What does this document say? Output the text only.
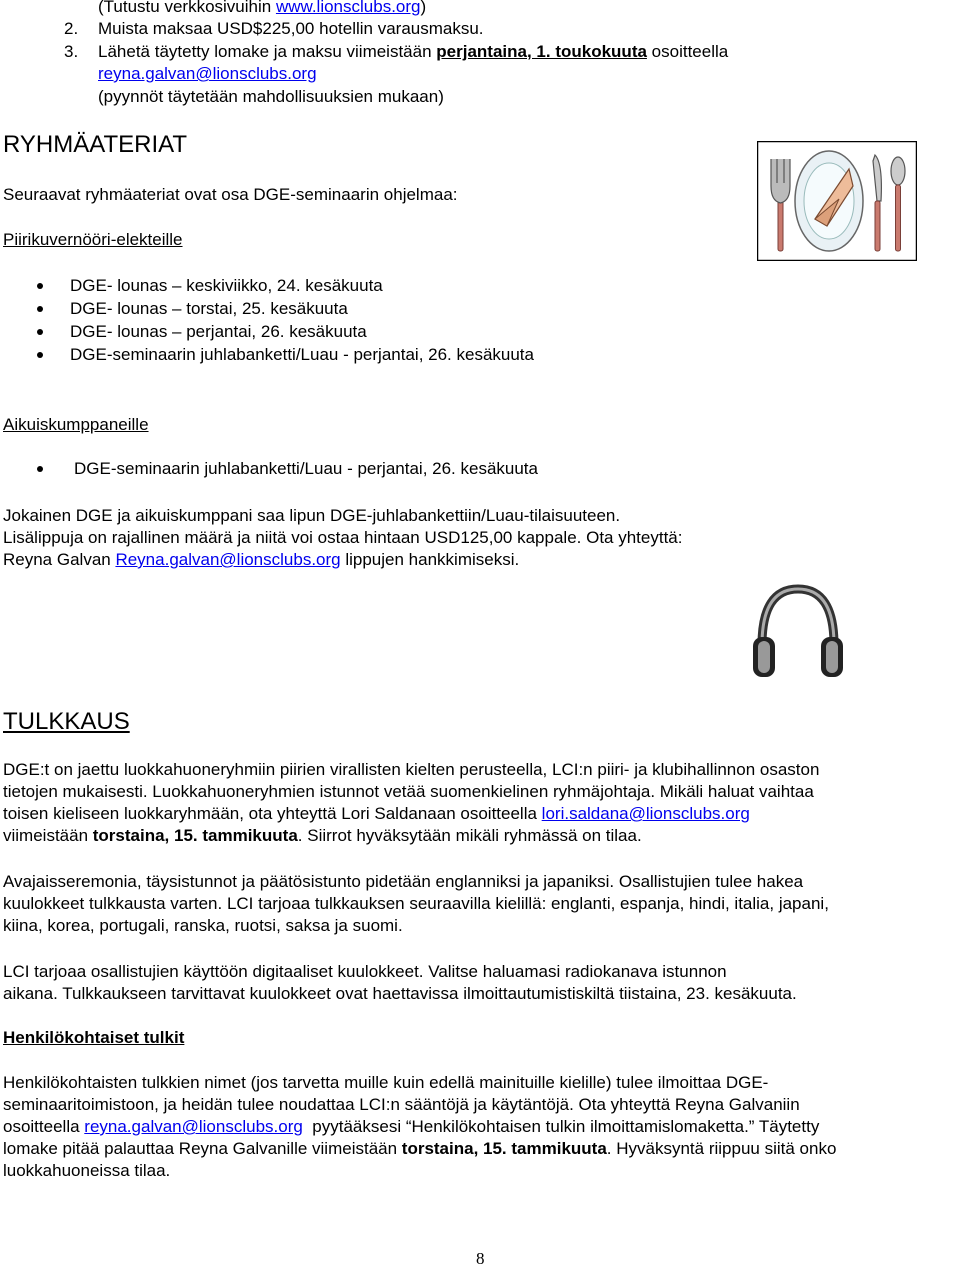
(Tutustu verkkosivuihin www.lionsclubs.org)
2. Muista maksaa USD$225,00 hotellin varausmaksu.
3. Lähetä täytetty lomake ja maksu viimeistään perjantaina, 1. toukokuuta osoitteella
reyna.galvan@lionsclubs.org
(pyynnöt täytetään mahdollisuuksien mukaan)
RYHMÄATERIAT
Seuraavat ryhmäateriat ovat osa DGE-seminaarin ohjelmaa:
Piirikuvernööri-elekteille
DGE- lounas – keskiviikko, 24. kesäkuuta
DGE- lounas – torstai, 25. kesäkuuta
DGE- lounas – perjantai, 26. kesäkuuta
DGE-seminaarin juhlabanketti/Luau - perjantai, 26. kesäkuuta
Aikuiskumppaneille
DGE-seminaarin juhlabanketti/Luau - perjantai, 26. kesäkuuta
Jokainen DGE ja aikuiskumppani saa lipun DGE-juhlabankettiin/Luau-tilaisuuteen.
Lisälippuja on rajallinen määrä ja niitä voi ostaa hintaan USD125,00 kappale. Ota yhteyttä:
Reyna Galvan Reyna.galvan@lionsclubs.org lippujen hankkimiseksi.
TULKKAUS
DGE:t on jaettu luokkahuoneryhmiin piirien virallisten kielten perusteella, LCI:n piiri- ja klubihallinnon osaston
tietojen mukaisesti. Luokkahuoneryhmien istunnot vetää suomenkielinen ryhmäjohtaja. Mikäli haluat vaihtaa
toisen kieliseen luokkaryhmään, ota yhteyttä Lori Saldanaan osoitteella lori.saldana@lionsclubs.org
viimeistään torstaina, 15. tammikuuta. Siirrot hyväksytään mikäli ryhmässä on tilaa.
Avajaisseremonia, täysistunnot ja päätösistunto pidetään englanniksi ja japaniksi. Osallistujien tulee hakea
kuulokkeet tulkkausta varten. LCI tarjoaa tulkkauksen seuraavilla kielillä: englanti, espanja, hindi, italia, japani,
kiina, korea, portugali, ranska, ruotsi, saksa ja suomi.
LCI tarjoaa osallistujien käyttöön digitaaliset kuulokkeet. Valitse haluamasi radiokanava istunnon
aikana. Tulkkaukseen tarvittavat kuulokkeet ovat haettavissa ilmoittautumistiskiltä tiistaina, 23. kesäkuuta.
Henkilökohtaiset tulkit
Henkilökohtaisten tulkkien nimet (jos tarvetta muille kuin edellä mainituille kielille) tulee ilmoittaa DGE-
seminaaritoimistoon, ja heidän tulee noudattaa LCI:n sääntöjä ja käytäntöjä. Ota yhteyttä Reyna Galvaniin
osoitteella reyna.galvan@lionsclubs.org  pyytääksesi “Henkilökohtaisen tulkin ilmoittamislomaketta.” Täytetty
lomake pitää palauttaa Reyna Galvanille viimeistään torstaina, 15. tammikuuta. Hyväksyntä riippuu siitä onko
luokkahuoneissa tilaa.
8
